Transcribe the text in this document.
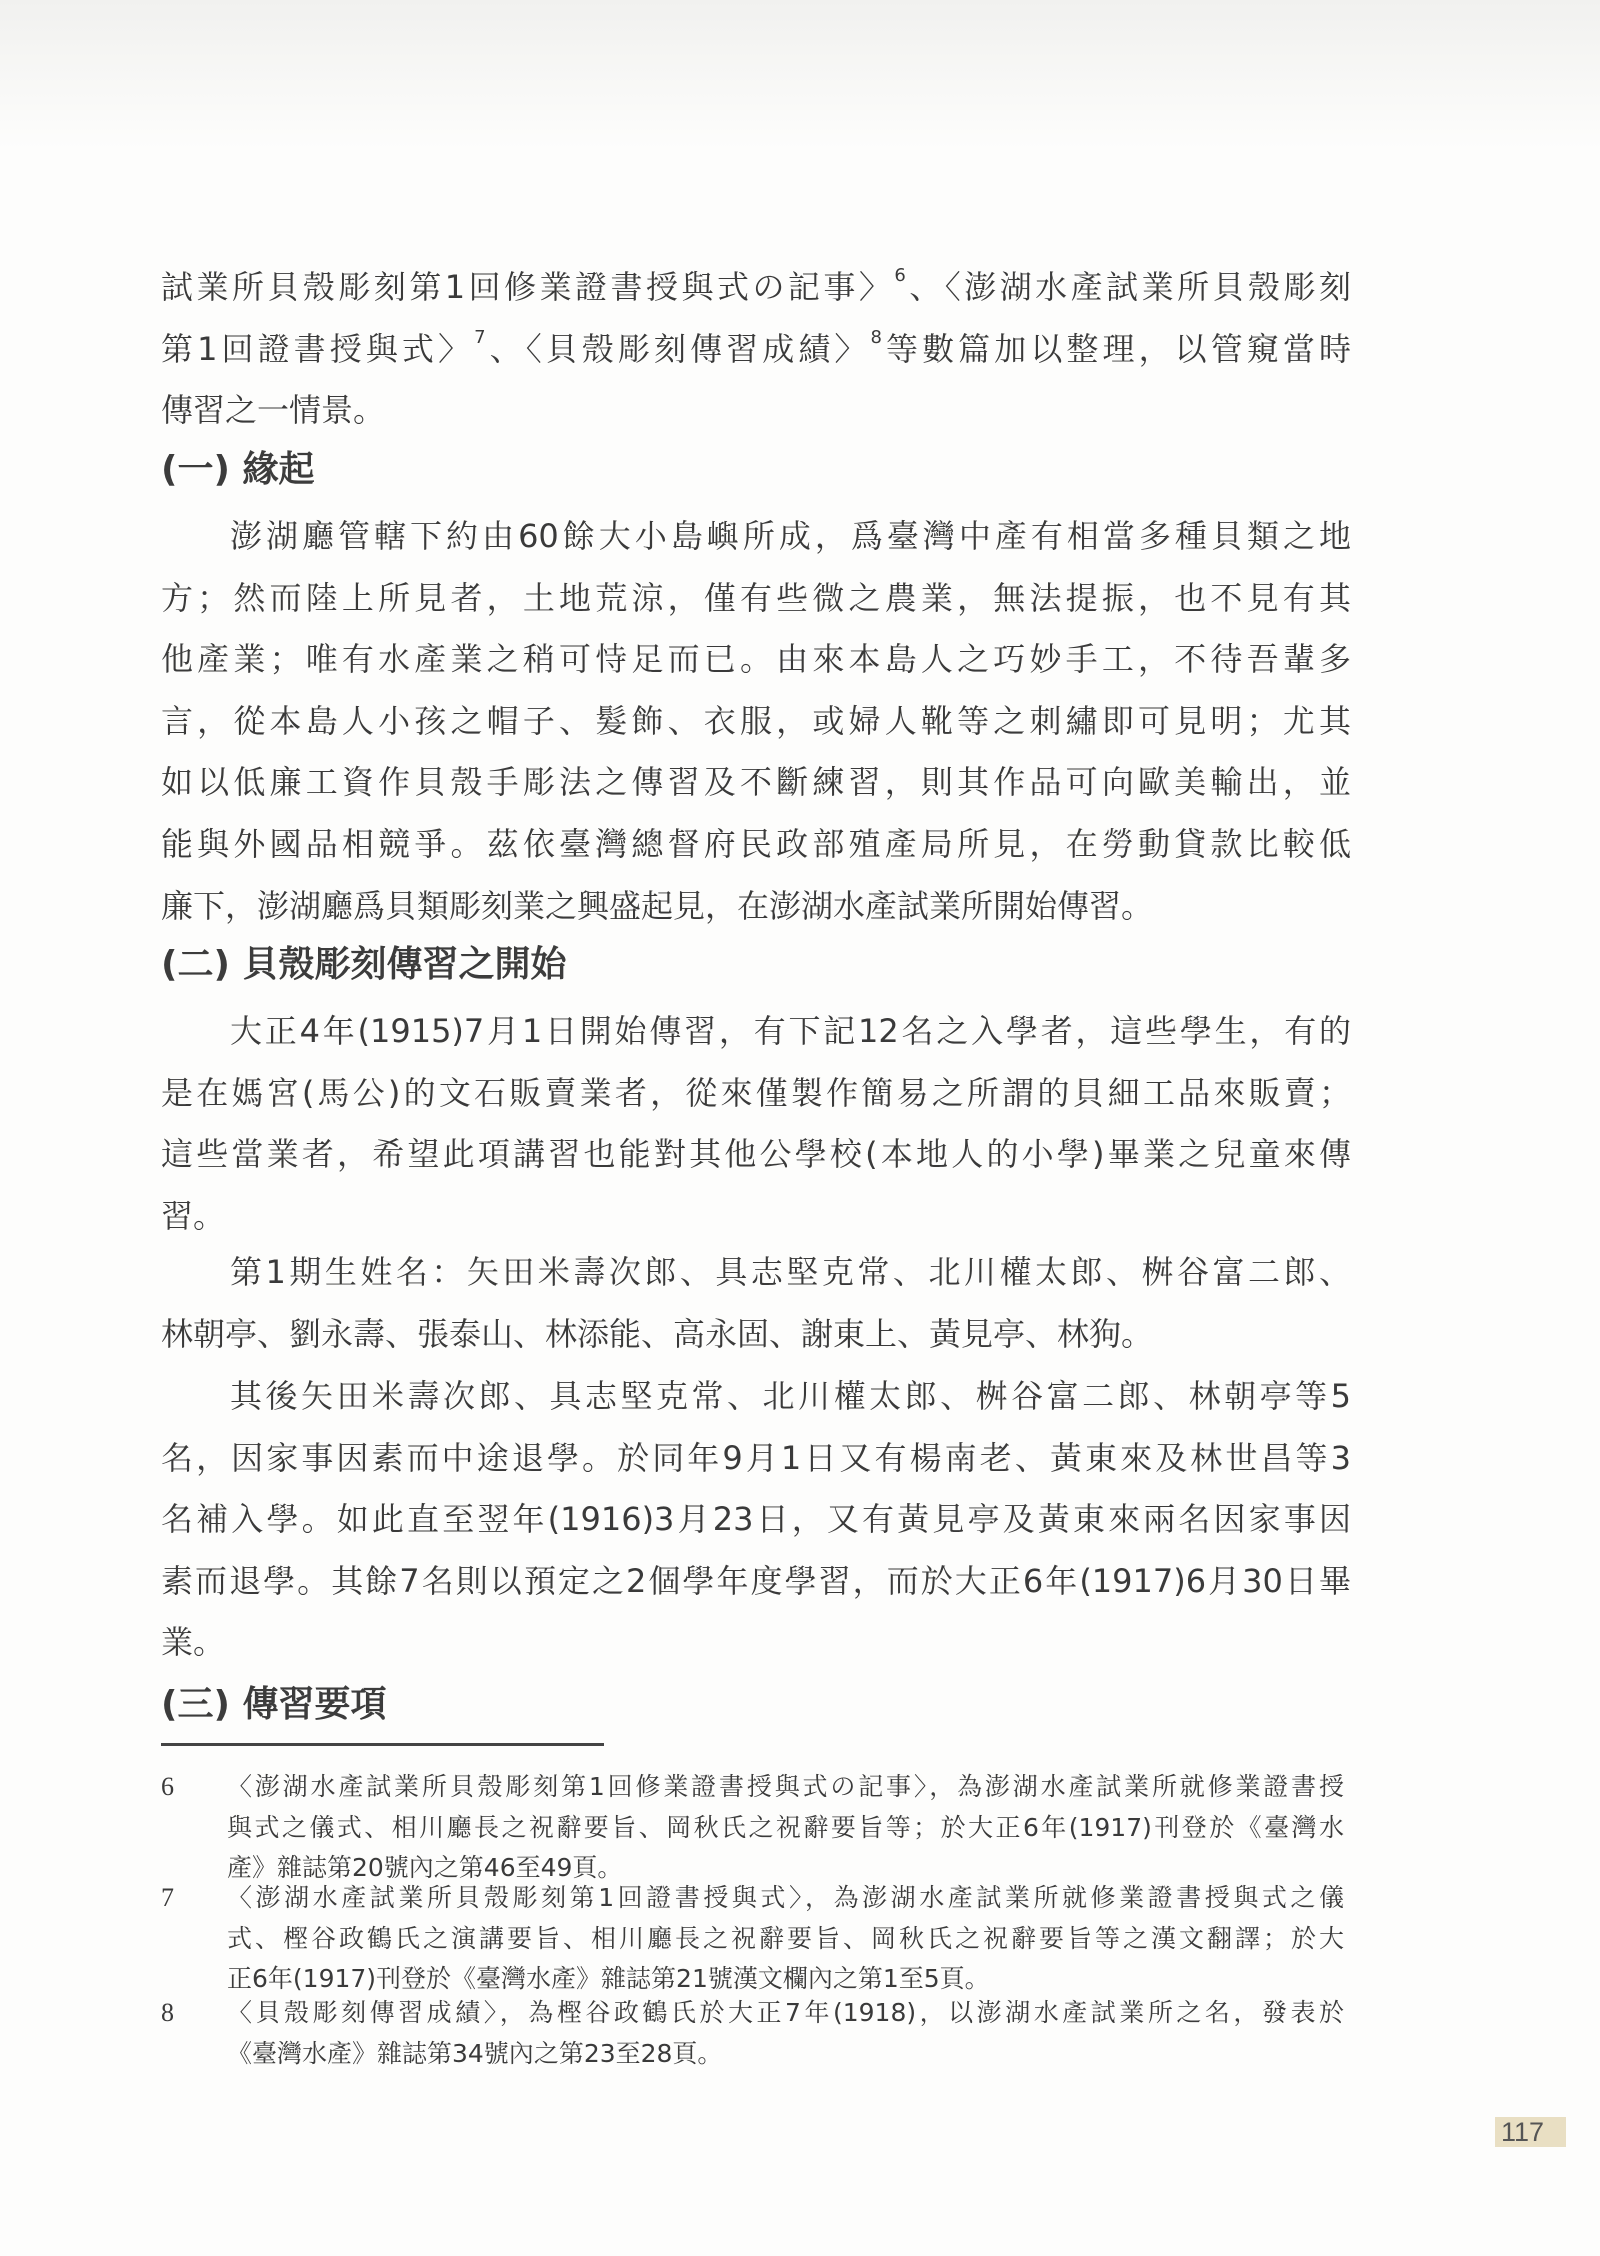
試業所貝殼彫刻第1回修業證書授與式の記事〉$^6$、〈澎湖水產試業所貝殼彫刻
第1回證書授與式〉$^7$、〈貝殼彫刻傳習成績〉$^8$等數篇加以整理，以管窺當時
傳習之一情景。
(一) 緣起
澎湖廳管轄下約由60餘大小島嶼所成，爲臺灣中產有相當多種貝類之地
方；然而陸上所見者，土地荒涼，僅有些微之農業，無法提振，也不見有其
他產業；唯有水產業之稍可恃足而已。由來本島人之巧妙手工，不待吾輩多
言，從本島人小孩之帽子、髮飾、衣服，或婦人靴等之刺繡即可見明；尤其
如以低廉工資作貝殼手彫法之傳習及不斷練習，則其作品可向歐美輸出，並
能與外國品相競爭。茲依臺灣總督府民政部殖產局所見，在勞動貸款比較低
廉下，澎湖廳爲貝類彫刻業之興盛起見，在澎湖水產試業所開始傳習。
(二) 貝殼彫刻傳習之開始
大正4年(1915)7月1日開始傳習，有下記12名之入學者，這些學生，有的
是在媽宮(馬公)的文石販賣業者，從來僅製作簡易之所謂的貝細工品來販賣；
這些當業者，希望此項講習也能對其他公學校(本地人的小學)畢業之兒童來傳
習。
第1期生姓名：矢田米壽次郎、具志堅克常、北川權太郎、桝谷富二郎、
林朝亭、劉永壽、張泰山、林添能、高永固、謝東上、黃見亭、林狗。
其後矢田米壽次郎、具志堅克常、北川權太郎、桝谷富二郎、林朝亭等5
名，因家事因素而中途退學。於同年9月1日又有楊南老、黃東來及林世昌等3
名補入學。如此直至翌年(1916)3月23日，又有黃見亭及黃東來兩名因家事因
素而退學。其餘7名則以預定之2個學年度學習，而於大正6年(1917)6月30日畢
業。
(三) 傳習要項
6 〈澎湖水產試業所貝殼彫刻第1回修業證書授與式の記事〉，為澎湖水產試業所就修業證書授
與式之儀式、相川廳長之祝辭要旨、岡秋氏之祝辭要旨等；於大正6年(1917)刊登於《臺灣水
產》雜誌第20號內之第46至49頁。
7 〈澎湖水產試業所貝殼彫刻第1回證書授與式〉，為澎湖水產試業所就修業證書授與式之儀
式、樫谷政鶴氏之演講要旨、相川廳長之祝辭要旨、岡秋氏之祝辭要旨等之漢文翻譯；於大
正6年(1917)刊登於《臺灣水產》雜誌第21號漢文欄內之第1至5頁。
8 〈貝殼彫刻傳習成績〉，為樫谷政鶴氏於大正7年(1918)，以澎湖水產試業所之名，發表於
《臺灣水產》雜誌第34號內之第23至28頁。
117
